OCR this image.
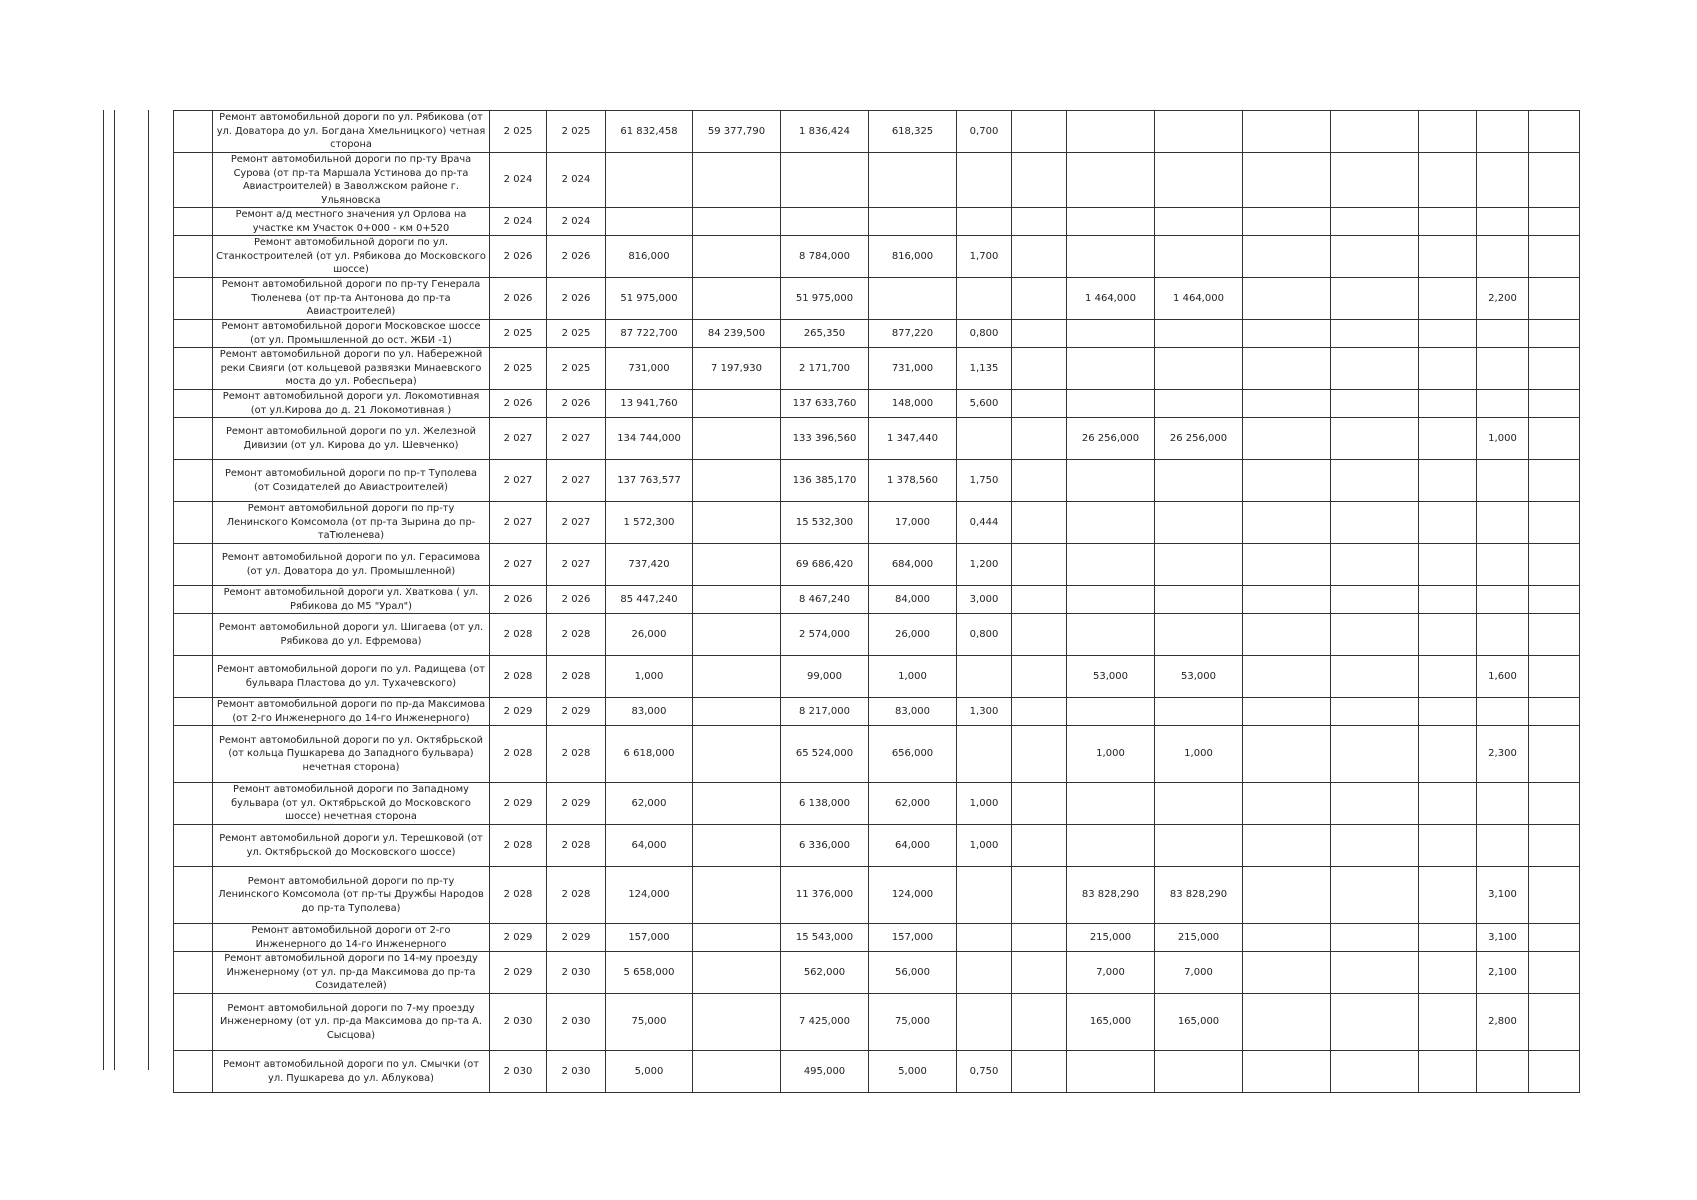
	Ремонт автомобильной дороги по ул. Рябикова (от ул. Доватора до ул. Богдана Хмельницкого) четная сторона	2 025	2 025	61 832,458	59 377,790	1 836,424	618,325	0,700								
	Ремонт автомобильной дороги по пр-ту Врача Сурова (от пр-та Маршала Устинова до пр-та Авиастроителей) в Заволжском районе г. Ульяновска	2 024	2 024													
	Ремонт а/д местного значения ул Орлова на участке км Участок 0+000 - км 0+520	2 024	2 024													
	Ремонт автомобильной дороги по ул. Станкостроителей (от ул. Рябикова до Московского шоссе)	2 026	2 026	816,000		8 784,000	816,000	1,700								
	Ремонт автомобильной дороги по пр-ту Генерала Тюленева (от пр-та Антонова до пр-та Авиастроителей)	2 026	2 026	51 975,000		51 975,000				1 464,000	1 464,000				2,200	
	Ремонт автомобильной дороги Московское шоссе (от ул. Промышленной до ост. ЖБИ -1)	2 025	2 025	87 722,700	84 239,500	265,350	877,220	0,800								
	Ремонт автомобильной дороги по ул. Набережной реки Свияги (от кольцевой развязки Минаевского моста до ул. Робеспьера)	2 025	2 025	731,000	7 197,930	2 171,700	731,000	1,135								
	Ремонт автомобильной дороги ул. Локомотивная (от ул.Кирова до д. 21 Локомотивная )	2 026	2 026	13 941,760		137 633,760	148,000	5,600								
	Ремонт автомобильной дороги по ул. Железной Дивизии (от ул. Кирова до ул. Шевченко)	2 027	2 027	134 744,000		133 396,560	1 347,440			26 256,000	26 256,000				1,000	
	Ремонт автомобильной дороги по пр-т Туполева (от Созидателей до Авиастроителей)	2 027	2 027	137 763,577		136 385,170	1 378,560	1,750								
	Ремонт автомобильной дороги по пр-ту Ленинского Комсомола (от пр-та Зырина до пр-таТюленева)	2 027	2 027	1 572,300		15 532,300	17,000	0,444								
	Ремонт автомобильной дороги по ул. Герасимова (от ул. Доватора до ул. Промышленной)	2 027	2 027	737,420		69 686,420	684,000	1,200								
	Ремонт автомобильной дороги ул. Хваткова ( ул. Рябикова до М5 "Урал")	2 026	2 026	85 447,240		8 467,240	84,000	3,000								
	Ремонт автомобильной дороги ул. Шигаева (от ул. Рябикова до ул. Ефремова)	2 028	2 028	26,000		2 574,000	26,000	0,800								
	Ремонт автомобильной дороги по ул. Радищева (от бульвара Пластова до ул. Тухачевского)	2 028	2 028	1,000		99,000	1,000			53,000	53,000				1,600	
	Ремонт автомобильной дороги по пр-да Максимова (от 2-го Инженерного до 14-го Инженерного)	2 029	2 029	83,000		8 217,000	83,000	1,300								
	Ремонт автомобильной дороги по ул. Октябрьской (от кольца Пушкарева до Западного бульвара) нечетная сторона)	2 028	2 028	6 618,000		65 524,000	656,000			1,000	1,000				2,300	
	Ремонт автомобильной дороги по Западному бульвара (от ул. Октябрьской до Московского шоссе) нечетная сторона	2 029	2 029	62,000		6 138,000	62,000	1,000								
	Ремонт автомобильной дороги ул. Терешковой (от ул. Октябрьской до Московского шоссе)	2 028	2 028	64,000		6 336,000	64,000	1,000								
	Ремонт автомобильной дороги по пр-ту Ленинского Комсомола (от пр-ты Дружбы Народов до пр-та Туполева)	2 028	2 028	124,000		11 376,000	124,000			83 828,290	83 828,290				3,100	
	Ремонт автомобильной дороги от 2-го Инженерного до 14-го Инженерного	2 029	2 029	157,000		15 543,000	157,000			215,000	215,000				3,100	
	Ремонт автомобильной дороги по 14-му проезду Инженерному (от ул. пр-да Максимова до пр-та Созидателей)	2 029	2 030	5 658,000		562,000	56,000			7,000	7,000				2,100	
	Ремонт автомобильной дороги по 7-му проезду Инженерному (от ул. пр-да Максимова до пр-та А. Сысцова)	2 030	2 030	75,000		7 425,000	75,000			165,000	165,000				2,800	
	Ремонт автомобильной дороги по ул. Смычки (от ул. Пушкарева до ул. Аблукова)	2 030	2 030	5,000		495,000	5,000	0,750								
